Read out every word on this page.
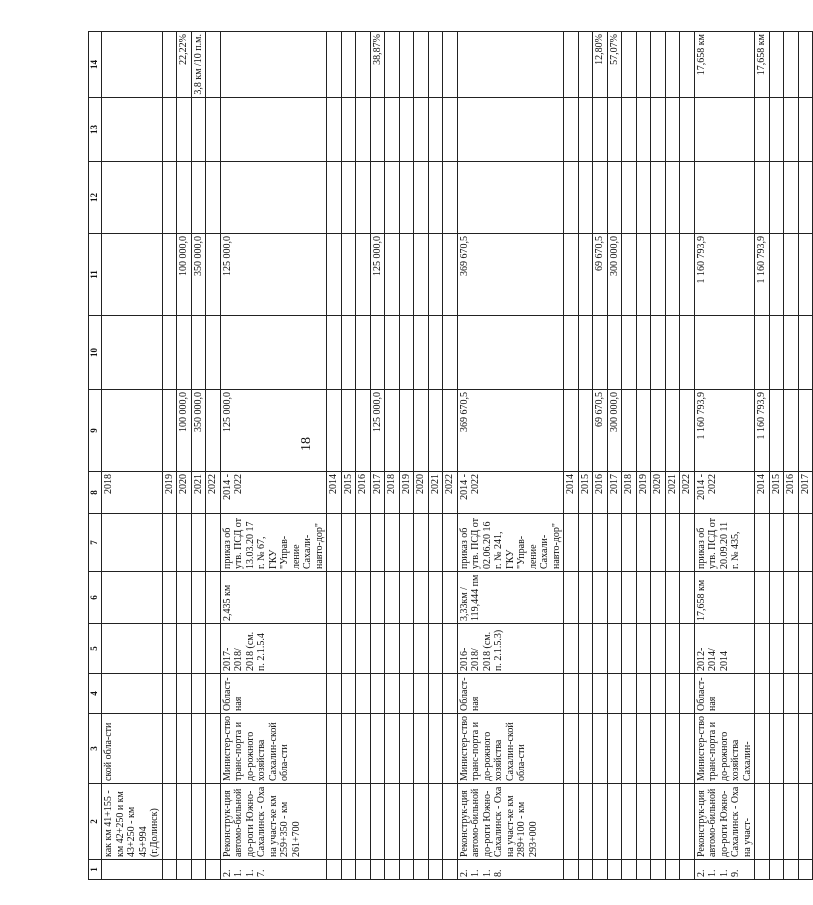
18
1	2	3	4	5	6	7	8	9	10	11	12	13	14
	как км 41+155 - км 42+250 и км 43+250 - км 45+994 (г.Долинск)	ской обла-сти					2018						
							2019						
							2020	100 000,0		100 000,0			22,22%
							2021	350 000,0		350 000,0			3,8 км /10 п.м.
							2022						
2. 1. 1. 7.	Реконструк-ция автомо-бильной до-роги Южно-Сахалинск - Оха на участ-ке км 259+350 - км 261+700	Министер-ство транс-порта и до-рожного хозяйства Сахалин-ской обла-сти	Област-ная	2017-2018/ 2018 (см. п. 2.1.5.4	2,435 км	приказ об утв. ПСД от 13.03.20 17 г. № 67, ГКУ "Управ-ление Сахали-навто-дор"	2014 - 2022	125 000,0		125 000,0			
							2014						
							2015						
							2016						
							2017	125 000,0		125 000,0			38,87%
							2018						
							2019						
							2020						
							2021						
							2022						
2. 1. 1. 8.	Реконструк-ция автомо-бильной до-роги Южно-Сахалинск - Оха на участ-ке км 289+100 - км 293+000	Министер-ство транс-порта и до-рожного хозяйства Сахалин-ской обла-сти	Област-ная	2016-2018/ 2018 (см. п. 2.1.5.3)	3,33км / 119,444 пм	приказ об утв. ПСД от 02.06.20 16 г. № 241, ГКУ "Управ-ление Сахали-навто-дор"	2014 - 2022	369 670,5		369 670,5			
							2014						
							2015						
							2016	69 670,5		69 670,5			12,80%
							2017	300 000,0		300 000,0			57,07%
							2018						
							2019						
							2020						
							2021						
							2022						
2. 1. 1. 9.	Реконструк-ция автомо-бильной до-роги Южно-Сахалинск - Оха на участ-	Министер-ство транс-порта и до-рожного хозяйства Сахалин-	Област-ная	2012-2014/ 2014	17,658 км	приказ об утв. ПСД от 20.09.20 11 г. № 435,	2014 - 2022	1 160 793,9		1 160 793,9			17,658 км
							2014	1 160 793,9		1 160 793,9			17,658 км
							2015						
							2016						
							2017						
